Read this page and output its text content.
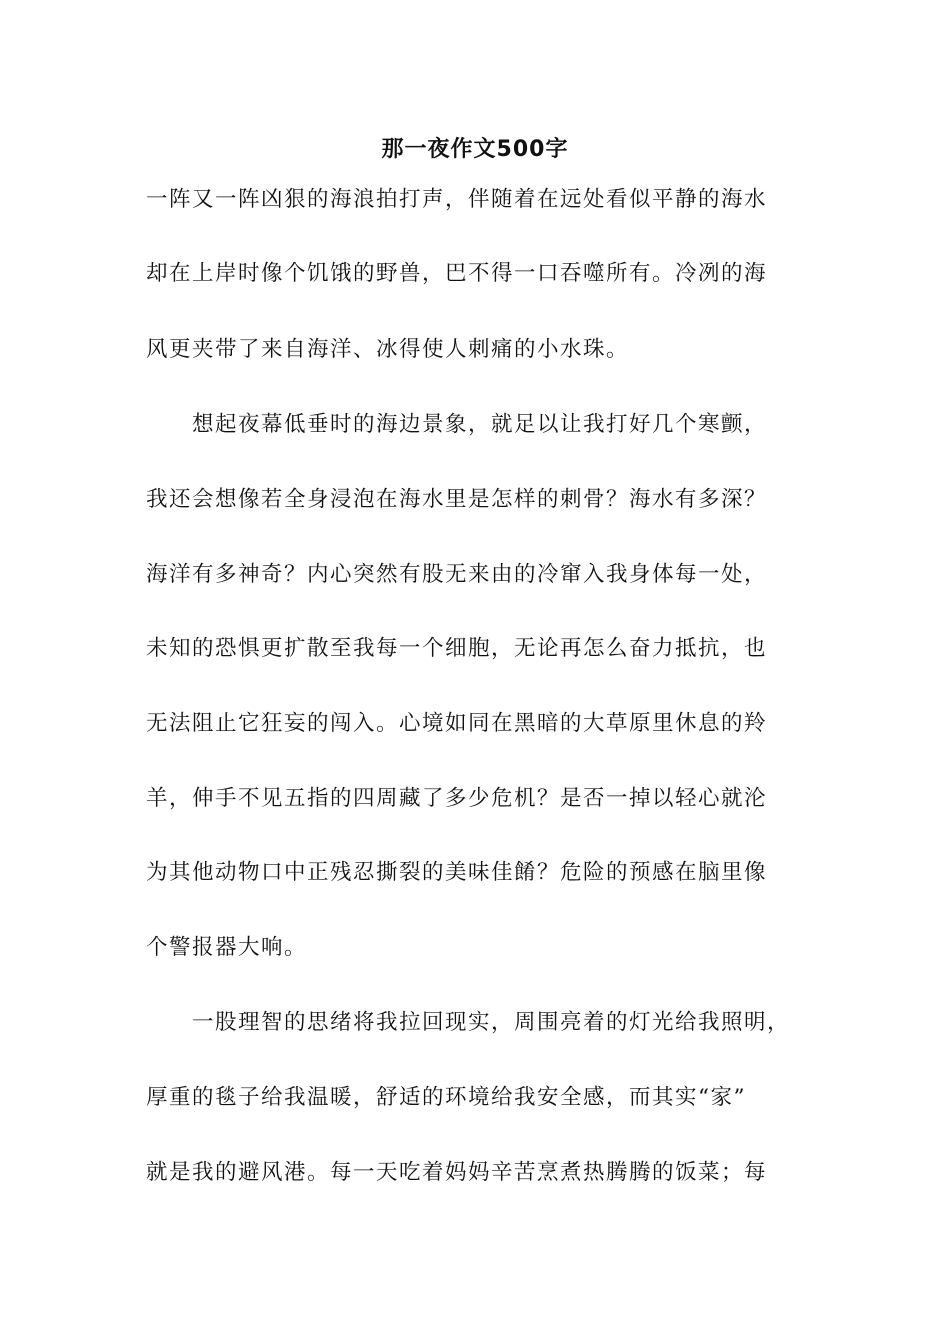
那一夜作文500字
一阵又一阵凶狠的海浪拍打声，伴随着在远处看似平静的海水
却在上岸时像个饥饿的野兽，巴不得一口吞噬所有。冷冽的海
风更夹带了来自海洋、冰得使人刺痛的小水珠。
　　想起夜幕低垂时的海边景象，就足以让我打好几个寒颤，
我还会想像若全身浸泡在海水里是怎样的刺骨？海水有多深？
海洋有多神奇？内心突然有股无来由的冷窜入我身体每一处，
未知的恐惧更扩散至我每一个细胞，无论再怎么奋力抵抗，也
无法阻止它狂妄的闯入。心境如同在黑暗的大草原里休息的羚
羊，伸手不见五指的四周藏了多少危机？是否一掉以轻心就沦
为其他动物口中正残忍撕裂的美味佳餚？危险的预感在脑里像
个警报器大响。
　　一股理智的思绪将我拉回现实，周围亮着的灯光给我照明，
厚重的毯子给我温暖，舒适的环境给我安全感，而其实“家”
就是我的避风港。每一天吃着妈妈辛苦烹煮热腾腾的饭菜；每
